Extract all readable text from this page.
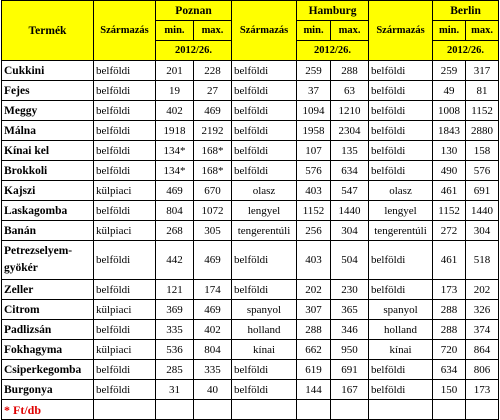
Termék	Származás	Poznan		Származás	Hamburg		Származás	Berlin	
		min.	max.		min.	max.		min.	max.
		2012/26.			2012/26.			2012/26.	
Cukkini	belföldi	201	228	belföldi	259	288	belföldi	259	317
Fejes	belföldi	19	27	belföldi	37	63	belföldi	49	81
Meggy	belföldi	402	469	belföldi	1094	1210	belföldi	1008	1152
Málna	belföldi	1918	2192	belföldi	1958	2304	belföldi	1843	2880
Kínai kel	belföldi	134*	168*	belföldi	107	135	belföldi	130	158
Brokkoli	belföldi	134*	168*	belföldi	576	634	belföldi	490	576
Kajszi	külpiaci	469	670	olasz	403	547	olasz	461	691
Laskagomba	belföldi	804	1072	lengyel	1152	1440	lengyel	1152	1440
Banán	külpiaci	268	305	tengerentúli	256	304	tengerentúli	272	304
Petrezselyem-​gyökér	belföldi	442	469	belföldi	403	504	belföldi	461	518
Zeller	belföldi	121	174	belföldi	202	230	belföldi	173	202
Citrom	külpiaci	369	469	spanyol	307	365	spanyol	288	326
Padlizsán	belföldi	335	402	holland	288	346	holland	288	374
Fokhagyma	külpiaci	536	804	kínai	662	950	kínai	720	864
Csiperkegomba	belföldi	285	335	belföldi	619	691	belföldi	634	806
Burgonya	belföldi	31	40	belföldi	144	167	belföldi	150	173
* Ft/db									
